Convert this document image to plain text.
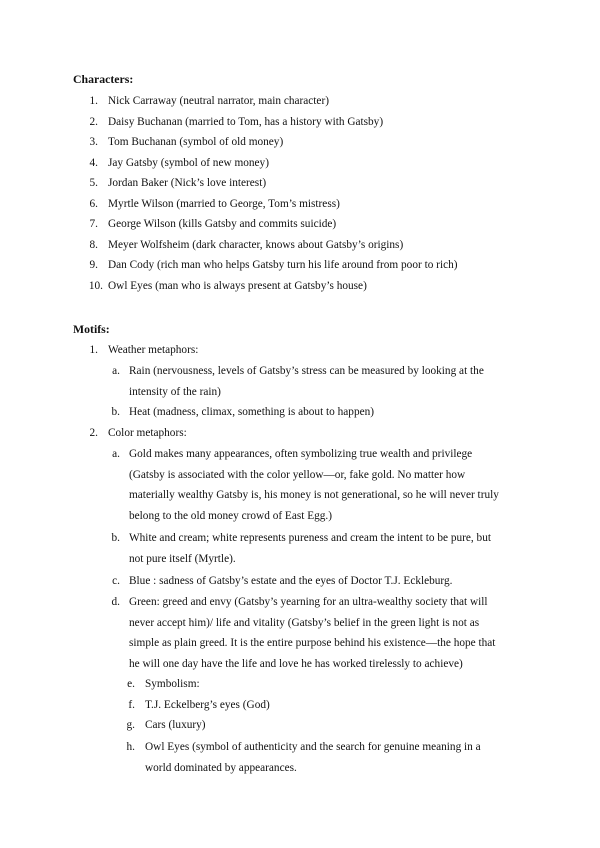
Characters:
1. Nick Carraway (neutral narrator, main character)
2. Daisy Buchanan (married to Tom, has a history with Gatsby)
3. Tom Buchanan (symbol of old money)
4. Jay Gatsby (symbol of new money)
5. Jordan Baker (Nick’s love interest)
6. Myrtle Wilson (married to George, Tom’s mistress)
7. George Wilson (kills Gatsby and commits suicide)
8. Meyer Wolfsheim (dark character, knows about Gatsby’s origins)
9. Dan Cody (rich man who helps Gatsby turn his life around from poor to rich)
10. Owl Eyes (man who is always present at Gatsby’s house)
Motifs:
1. Weather metaphors:
a. Rain (nervousness, levels of Gatsby’s stress can be measured by looking at the
intensity of the rain)
b. Heat (madness, climax, something is about to happen)
2. Color metaphors:
a. Gold makes many appearances, often symbolizing true wealth and privilege
(Gatsby is associated with the color yellow—or, fake gold. No matter how
materially wealthy Gatsby is, his money is not generational, so he will never truly
belong to the old money crowd of East Egg.)
b. White and cream; white represents pureness and cream the intent to be pure, but
not pure itself (Myrtle).
c. Blue : sadness of Gatsby’s estate and the eyes of Doctor T.J. Eckleburg.
d. Green: greed and envy (Gatsby’s yearning for an ultra-wealthy society that will
never accept him)/ life and vitality (Gatsby’s belief in the green light is not as
simple as plain greed. It is the entire purpose behind his existence—the hope that
he will one day have the life and love he has worked tirelessly to achieve)
e. Symbolism:
f. T.J. Eckelberg’s eyes (God)
g. Cars (luxury)
h. Owl Eyes (symbol of authenticity and the search for genuine meaning in a
world dominated by appearances.
